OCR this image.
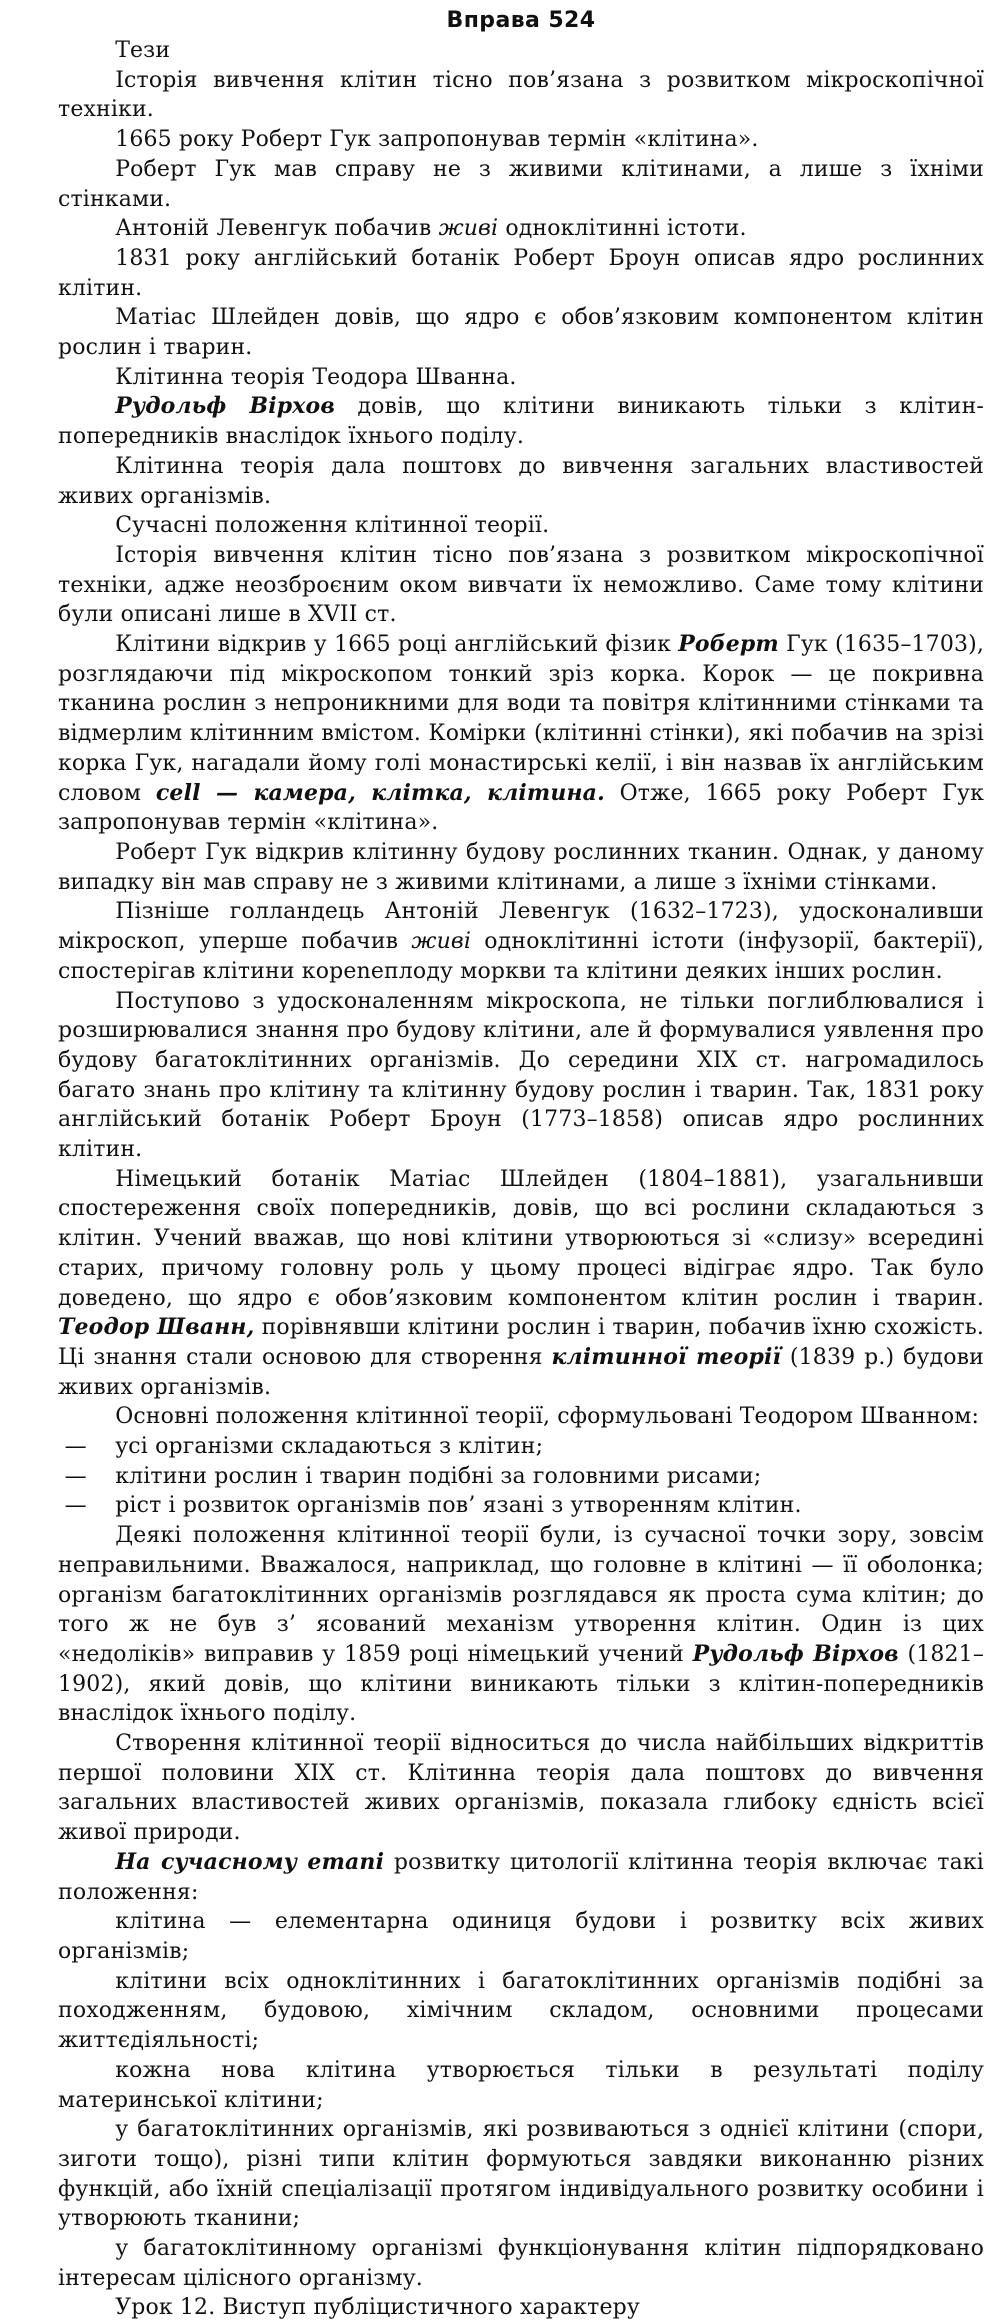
Вправа 524

Тези

Історія вивчення клітин тісно пов’язана з розвитком мікроскопічної техніки.

1665 року Роберт Гук запропонував термін «клітина».

Роберт Гук мав справу не з живими клітинами, а лише з їхніми стінками.

Антоній Левенгук побачив живі одноклітинні істоти.

1831 року англійський ботанік Роберт Броун описав ядро рослинних клітин.

Матіас Шлейден довів, що ядро є обов’язковим компонентом клітин рослин і тварин.

Клітинна теорія Теодора Шванна.

Рудольф Вірхов довів, що клітини виникають тільки з клітин-попередників внаслідок їхнього поділу.

Клітинна теорія дала поштовх до вивчення загальних властивостей живих організмів.

Сучасні положення клітинної теорії.

Історія вивчення клітин тісно пов’язана з розвитком мікроскопічної техніки, адже неозброєним оком вивчати їх неможливо. Саме тому клітини були описані лише в XVII ст.

Клітини відкрив у 1665 році англійський фізик Роберт Гук (1635–1703), розглядаючи під мікроскопом тонкий зріз корка. Корок — це покривна тканина рослин з непроникними для води та повітря клітинними стінками та відмерлим клітинним вмістом. Комірки (клітинні стінки), які побачив на зрізі корка Гук, нагадали йому голі монастирські келії, і він назвав їх англійським словом cell — камера, клітка, клітина. Отже, 1665 року Роберт Гук запропонував термін «клітина».

Роберт Гук відкрив клітинну будову рослинних тканин. Однак, у даному випадку він мав справу не з живими клітинами, а лише з їхніми стінками.

Пізніше голландець Антоній Левенгук (1632–1723), удосконаливши мікроскоп, уперше побачив живі одноклітинні істоти (інфузорії, бактерії), спостерігав клітини кореneплоду моркви та клітини деяких інших рослин.

Поступово з удосконаленням мікроскопа, не тільки поглиблювалися і розширювалися знання про будову клітини, але й формувалися уявлення про будову багатоклітинних організмів. До середини XIX ст. нагромадилось багато знань про клітину та клітинну будову рослин і тварин. Так, 1831 року англійський ботанік Роберт Броун (1773–1858) описав ядро рослинних клітин.

Німецький ботанік Матіас Шлейден (1804–1881), узагальнивши спостереження своїх попередників, довів, що всі рослини складаються з клітин. Учений вважав, що нові клітини утворюються зі «слизу» всередині старих, причому головну роль у цьому процесі відіграє ядро. Так було доведено, що ядро є обов’язковим компонентом клітин рослин і тварин. Теодор Шванн, порівнявши клітини рослин і тварин, побачив їхню схожість. Ці знання стали основою для створення клітинної теорії (1839 р.) будови живих організмів.

Основні положення клітинної теорії, сформульовані Теодором Шванном:

— усі організми складаються з клітин;
— клітини рослин і тварин подібні за головними рисами;
— ріст і розвиток організмів пов’ язані з утворенням клітин.

Деякі положення клітинної теорії були, із сучасної точки зору, зовсім неправильними. Вважалося, наприклад, що головне в клітині — її оболонка; організм багатоклітинних організмів розглядався як проста сума клітин; до того ж не був з’ ясований механізм утворення клітин. Один із цих «недоліків» виправив у 1859 році німецький учений Рудольф Вірхов (1821–1902), який довів, що клітини виникають тільки з клітин-попередників внаслідок їхнього поділу.

Створення клітинної теорії відноситься до числа найбільших відкриттів першої половини XIX ст. Клітинна теорія дала поштовх до вивчення загальних властивостей живих організмів, показала глибоку єдність всієї живої природи.

На сучасному етапі розвитку цитології клітинна теорія включає такі положення:

клітина — елементарна одиниця будови і розвитку всіх живих організмів;

клітини всіх одноклітинних і багатоклітинних організмів подібні за походженням, будовою, хімічним складом, основними процесами життєдіяльності;

кожна нова клітина утворюється тільки в результаті поділу материнської клітини;

у багатоклітинних організмів, які розвиваються з однієї клітини (спори, зиготи тощо), різні типи клітин формуються завдяки виконанню різних функцій, або їхній спеціалізації протягом індивідуального розвитку особини і утворюють тканини;

у багатоклітинному організмі функціонування клітин підпорядковано інтересам цілісного організму.

Урок 12. Виступ публіцистичного характеру
